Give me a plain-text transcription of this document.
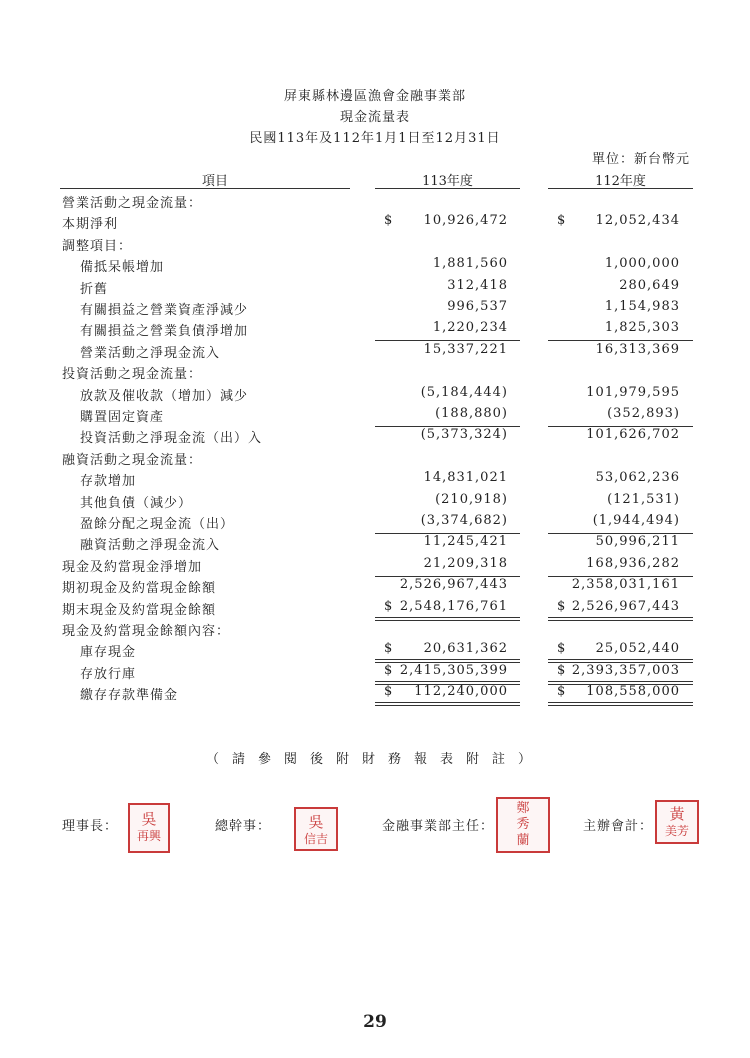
屏東縣林邊區漁會金融事業部
現金流量表
民國113年及112年1月1日至12月31日
單位：新台幣元
項目	113年度	112年度
營業活動之現金流量：
本期淨利	$	10,926,472	$	12,052,434
調整項目：
備抵呆帳增加	1,881,560	1,000,000
折舊	312,418	280,649
有關損益之營業資產淨減少	996,537	1,154,983
有關損益之營業負債淨增加	1,220,234	1,825,303
營業活動之淨現金流入	15,337,221	16,313,369
投資活動之現金流量：
放款及催收款（增加）減少	(5,184,444)	101,979,595
購置固定資產	(188,880)	(352,893)
投資活動之淨現金流（出）入	(5,373,324)	101,626,702
融資活動之現金流量：
存款增加	14,831,021	53,062,236
其他負債（減少）	(210,918)	(121,531)
盈餘分配之現金流（出）	(3,374,682)	(1,944,494)
融資活動之淨現金流入	11,245,421	50,996,211
現金及約當現金淨增加	21,209,318	168,936,282
期初現金及約當現金餘額	2,526,967,443	2,358,031,161
期末現金及約當現金餘額	$ 2,548,176,761	$ 2,526,967,443
現金及約當現金餘額內容：
庫存現金	$	20,631,362	$	25,052,440
存放行庫	$ 2,415,305,399	$ 2,393,357,003
繳存存款準備金	$	112,240,000	$	108,558,000
（請參閱後附財務報表附註）
理事長：	吳
再興
總幹事：	吳
信吉
金融事業部主任：
鄭
秀
蘭
主辦會計：
黃
美芳
29
